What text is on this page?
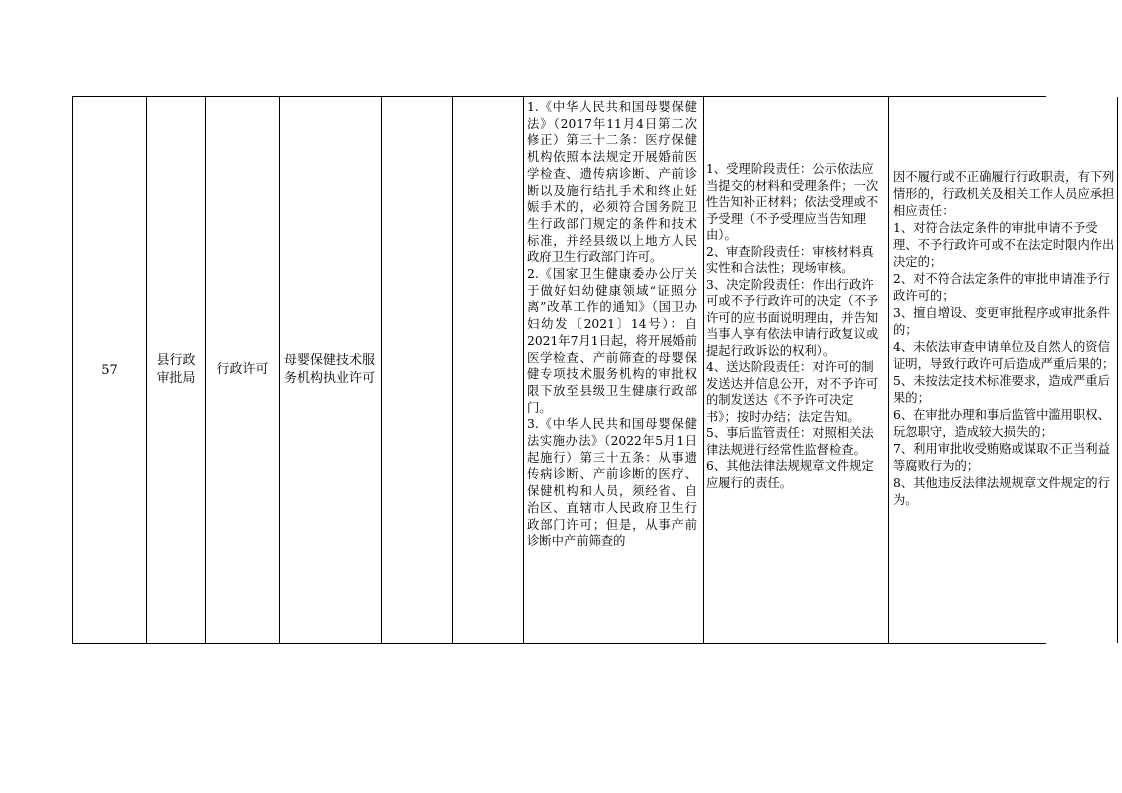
57
县行政审批局
行政许可
母婴保健技术服务机构执业许可

1.《中华人民共和国母婴保健法》（2017年11月4日第二次修正）第三十二条：医疗保健机构依照本法规定开展婚前医学检查、遗传病诊断、产前诊断以及施行结扎手术和终止妊娠手术的，必须符合国务院卫生行政部门规定的条件和技术标准，并经县级以上地方人民政府卫生行政部门许可。

2.《国家卫生健康委办公厅关于做好妇幼健康领域“证照分离”改革工作的通知》（国卫办妇幼发〔2021〕14号）：自2021年7月1日起，将开展婚前医学检查、产前筛查的母婴保健专项技术服务机构的审批权限下放至县级卫生健康行政部门。

3.《中华人民共和国母婴保健法实施办法》（2022年5月1日起施行）第三十五条：从事遗传病诊断、产前诊断的医疗、保健机构和人员，须经省、自治区、直辖市人民政府卫生行政部门许可；但是，从事产前诊断中产前筛查的

1、受理阶段责任：公示依法应当提交的材料和受理条件；一次性告知补正材料；依法受理或不予受理（不予受理应当告知理由）。

2、审查阶段责任：审核材料真实性和合法性；现场审核。

3、决定阶段责任：作出行政许可或不予行政许可的决定（不予许可的应书面说明理由，并告知当事人享有依法申请行政复议或提起行政诉讼的权利）。

4、送达阶段责任：对许可的制发送达并信息公开，对不予许可的制发送达《不予许可决定书》；按时办结；法定告知。

5、事后监管责任：对照相关法律法规进行经常性监督检查。

6、其他法律法规规章文件规定应履行的责任。

因不履行或不正确履行行政职责，有下列情形的，行政机关及相关工作人员应承担相应责任：

1、对符合法定条件的审批申请不予受理、不予行政许可或不在法定时限内作出决定的；

2、对不符合法定条件的审批申请准予行政许可的；

3、擅自增设、变更审批程序或审批条件的；

4、未依法审查申请单位及自然人的资信证明，导致行政许可后造成严重后果的；

5、未按法定技术标准要求，造成严重后果的；

6、在审批办理和事后监管中滥用职权、玩忽职守，造成较大损失的；

7、利用审批收受贿赂或谋取不正当利益等腐败行为的；

8、其他违反法律法规规章文件规定的行为。
